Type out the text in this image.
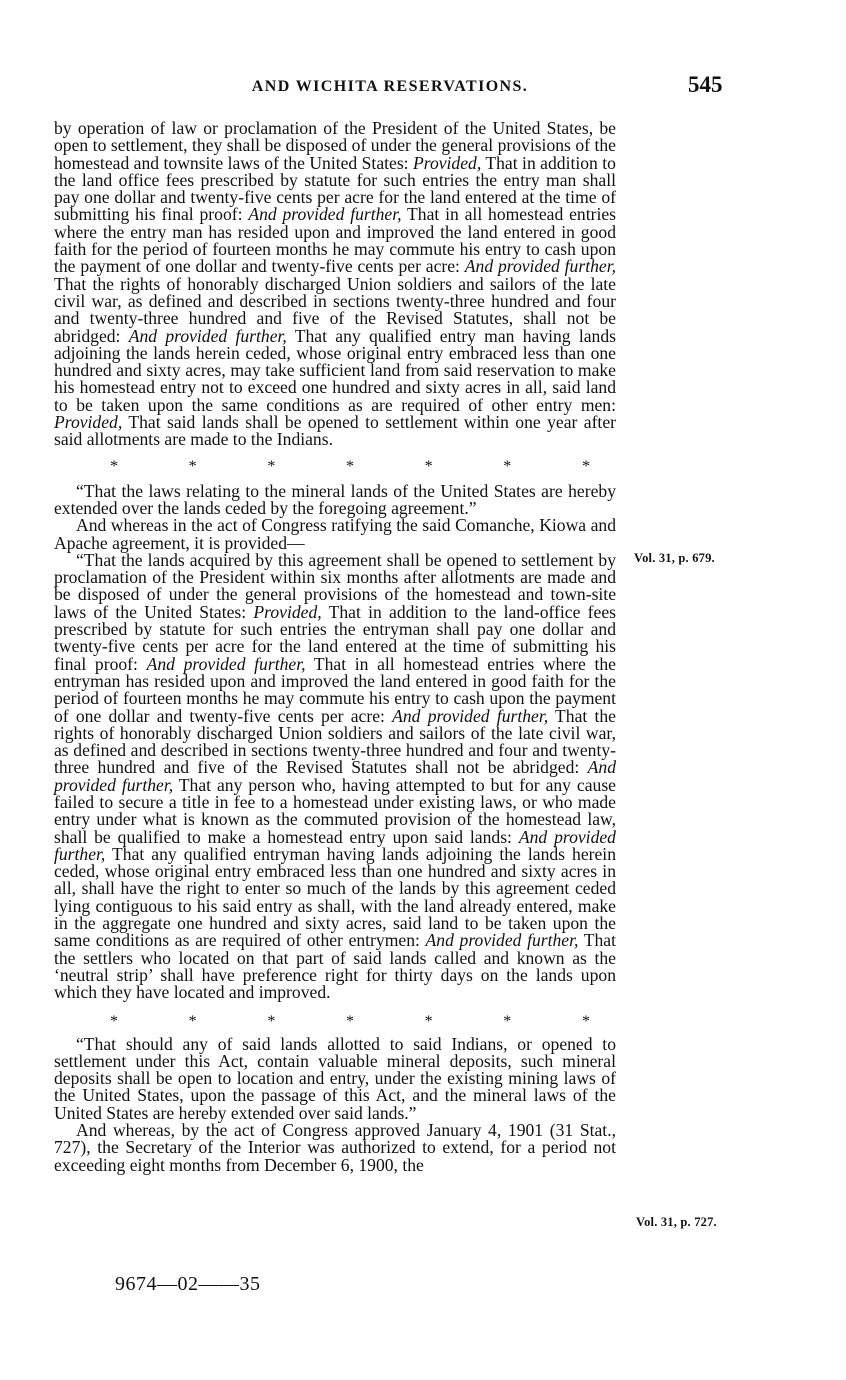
AND WICHITA RESERVATIONS.	545

by operation of law or proclamation of the President of the United States, be open to settlement, they shall be disposed of under the general provisions of the homestead and townsite laws of the United States: Provided, That in addition to the land office fees prescribed by statute for such entries the entry man shall pay one dollar and twenty-five cents per acre for the land entered at the time of submitting his final proof: And provided further, That in all homestead entries where the entry man has resided upon and improved the land entered in good faith for the period of fourteen months he may commute his entry to cash upon the payment of one dollar and twenty-five cents per acre: And provided further, That the rights of honorably discharged Union soldiers and sailors of the late civil war, as defined and described in sections twenty-three hundred and four and twenty-three hundred and five of the Revised Statutes, shall not be abridged: And provided further, That any qualified entry man having lands adjoining the lands herein ceded, whose original entry embraced less than one hundred and sixty acres, may take sufficient land from said reservation to make his homestead entry not to exceed one hundred and sixty acres in all, said land to be taken upon the same conditions as are required of other entry men: Provided, That said lands shall be opened to settlement within one year after said allotments are made to the Indians.

*	*	*	*	*	*	*

“That the laws relating to the mineral lands of the United States are hereby extended over the lands ceded by the foregoing agreement.”

And whereas in the act of Congress ratifying the said Comanche, Kiowa and Apache agreement, it is provided—

“That the lands acquired by this agreement shall be opened to settlement by proclamation of the President within six months after allotments are made and be disposed of under the general provisions of the homestead and town-site laws of the United States: Provided, That in addition to the land-office fees prescribed by statute for such entries the entryman shall pay one dollar and twenty-five cents per acre for the land entered at the time of submitting his final proof: And provided further, That in all homestead entries where the entryman has resided upon and improved the land entered in good faith for the period of fourteen months he may commute his entry to cash upon the payment of one dollar and twenty-five cents per acre: And provided further, That the rights of honorably discharged Union soldiers and sailors of the late civil war, as defined and described in sections twenty-three hundred and four and twenty-three hundred and five of the Revised Statutes shall not be abridged: And provided further, That any person who, having attempted to but for any cause failed to secure a title in fee to a homestead under existing laws, or who made entry under what is known as the commuted provision of the homestead law, shall be qualified to make a homestead entry upon said lands: And provided further, That any qualified entryman having lands adjoining the lands herein ceded, whose original entry embraced less than one hundred and sixty acres in all, shall have the right to enter so much of the lands by this agreement ceded lying contiguous to his said entry as shall, with the land already entered, make in the aggregate one hundred and sixty acres, said land to be taken upon the same conditions as are required of other entrymen: And provided further, That the settlers who located on that part of said lands called and known as the ‘neutral strip’ shall have preference right for thirty days on the lands upon which they have located and improved.

*	*	*	*	*	*	*

“That should any of said lands allotted to said Indians, or opened to settlement under this Act, contain valuable mineral deposits, such mineral deposits shall be open to location and entry, under the existing mining laws of the United States, upon the passage of this Act, and the mineral laws of the United States are hereby extended over said lands.”

And whereas, by the act of Congress approved January 4, 1901 (31 Stat., 727), the Secretary of the Interior was authorized to extend, for a period not exceeding eight months from December 6, 1900, the

Vol. 31, p. 679.
Vol. 31, p. 727.
9674—02——35
